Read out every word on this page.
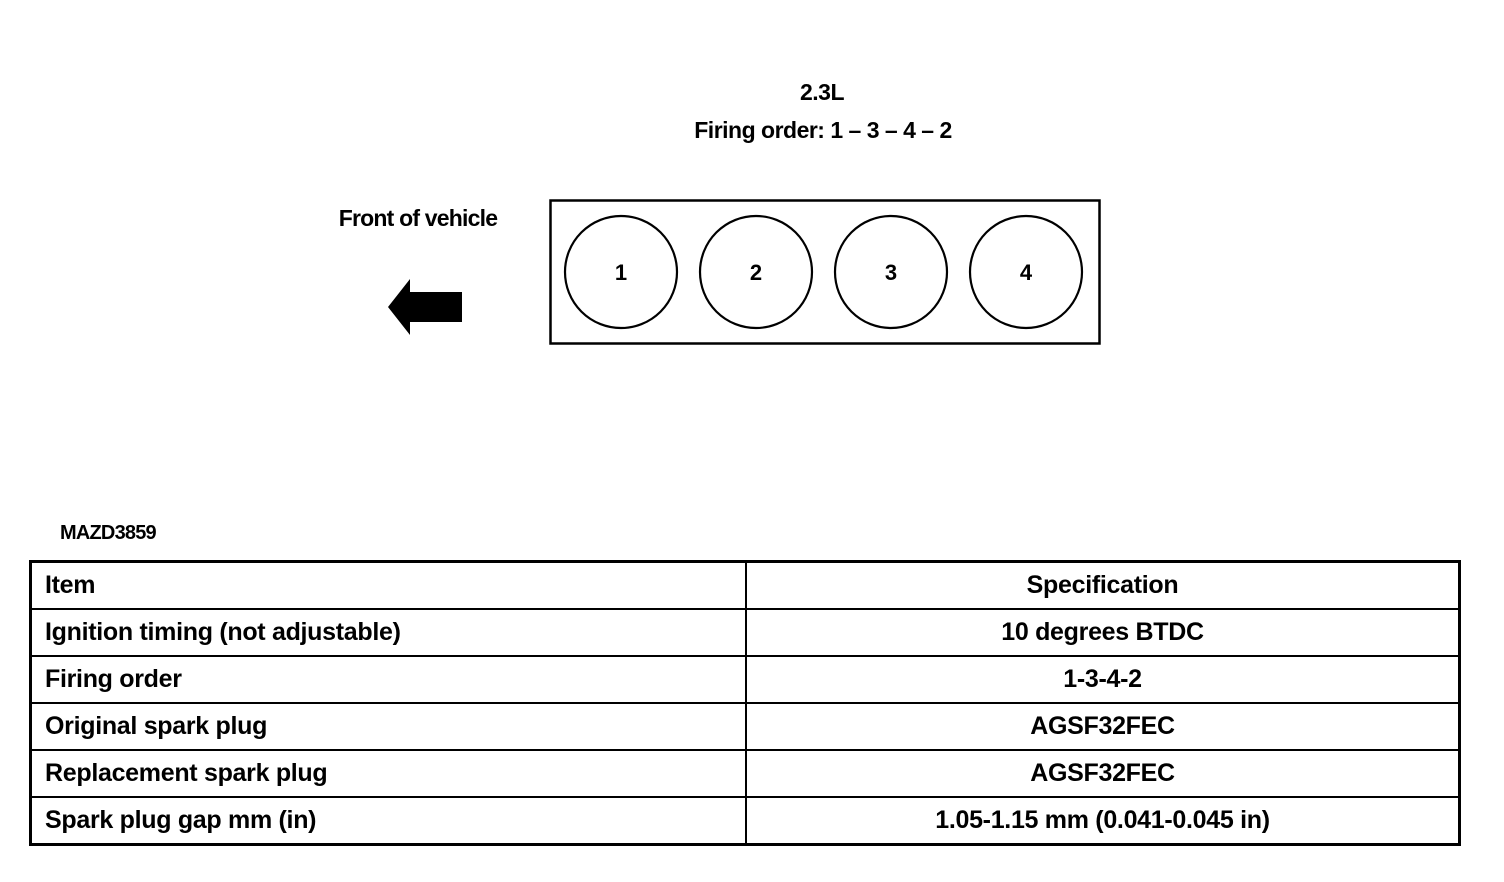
2.3L
Firing order: 1 – 3 – 4 – 2
Front of vehicle
1	2	3	4
MAZD3859
Item	Specification
Ignition timing (not adjustable)	10 degrees BTDC
Firing order	1-3-4-2
Original spark plug	AGSF32FEC
Replacement spark plug	AGSF32FEC
Spark plug gap mm (in)	1.05-1.15 mm (0.041-0.045 in)
